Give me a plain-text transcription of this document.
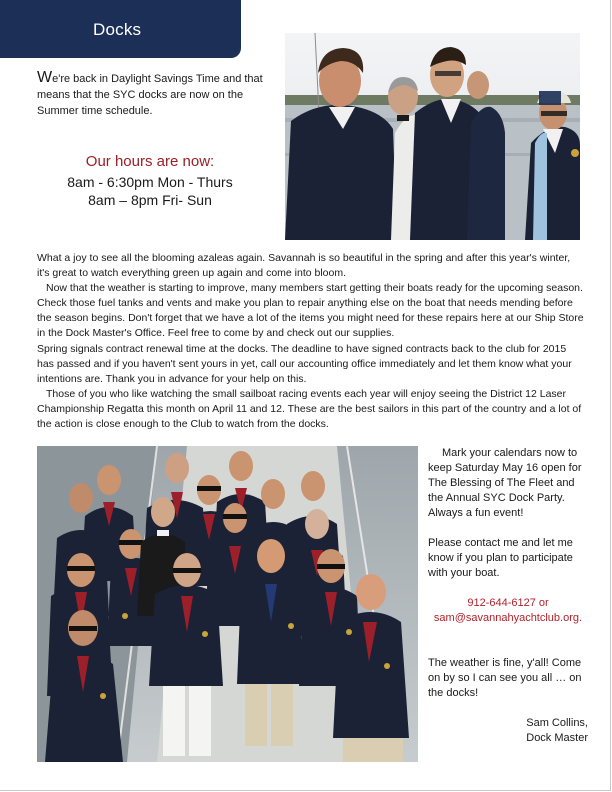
Docks
We're back in Daylight Savings Time and that means that the SYC docks are now on the Summer time schedule.
Our hours are now:
8am - 6:30pm Mon - Thurs
8am – 8pm Fri- Sun

What a joy to see all the blooming azaleas again. Savannah is so beautiful in the spring and after this year's winter, it's great to watch everything green up again and come into bloom.

Now that the weather is starting to improve, many members start getting their boats ready for the upcoming season. Check those fuel tanks and vents and make you plan to repair anything else on the boat that needs mending before the season begins. Don't forget that we have a lot of the items you might need for these repairs here at our Ship Store in the Dock Master's Office. Feel free to come by and check out our supplies.

Spring signals contract renewal time at the docks. The deadline to have signed contracts back to the club for 2015 has passed and if you haven't sent yours in yet, call our accounting office immediately and let them know what your intentions are. Thank you in advance for your help on this.

Those of you who like watching the small sailboat racing events each year will enjoy seeing the District 12 Laser Championship Regatta this month on April 11 and 12. These are the best sailors in this part of the country and a lot of the action is close enough to the Club to watch from the docks.

Mark your calendars now to keep Saturday May 16 open for The Blessing of The Fleet and the Annual SYC Dock Party. Always a fun event!

Please contact me and let me know if you plan to participate with your boat.

912-644-6127 or

sam@savannahyachtclub.org.

The weather is fine, y'all! Come on by so I can see you all … on the docks!

Sam Collins,

Dock Master
